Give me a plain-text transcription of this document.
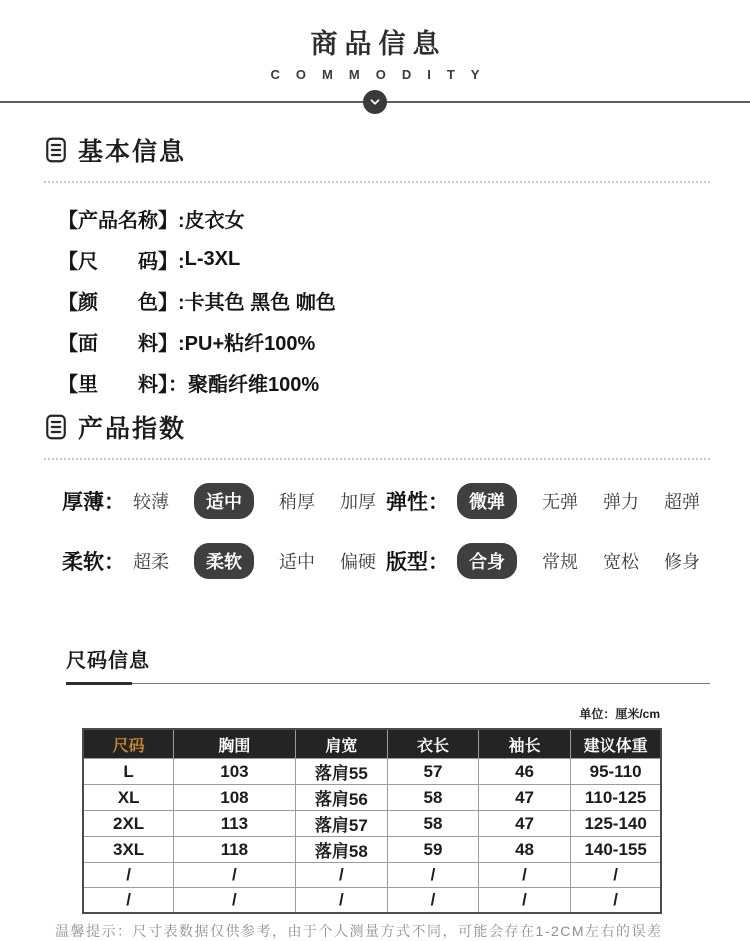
商品信息
COMMODITY
基本信息
【产品名称】: 皮衣女
【尺　　码】: L-3XL
【颜　　色】: 卡其色 黑色 咖色
【面　　料】: PU+粘纤100%
【里　　料】： 聚酯纤维100%
产品指数
厚薄： 较薄	适中	稍厚 加厚 弹性：	微弹	无弹 弹力 超弹
柔软： 超柔	柔软	适中 偏硬 版型：	合身	常规 宽松 修身
尺码信息
单位：厘米/cm
尺码	胸围	肩宽	衣长	袖长	建议体重
L	103	落肩55	57	46	95-110
XL	108	落肩56	58	47	110-125
2XL	113	落肩57	58	47	125-140
3XL	118	落肩58	59	48	140-155
/	/	/	/	/	/
/	/	/	/	/	/
温馨提示：尺寸表数据仅供参考，由于个人测量方式不同，可能会存在1-2CM左右的误差
